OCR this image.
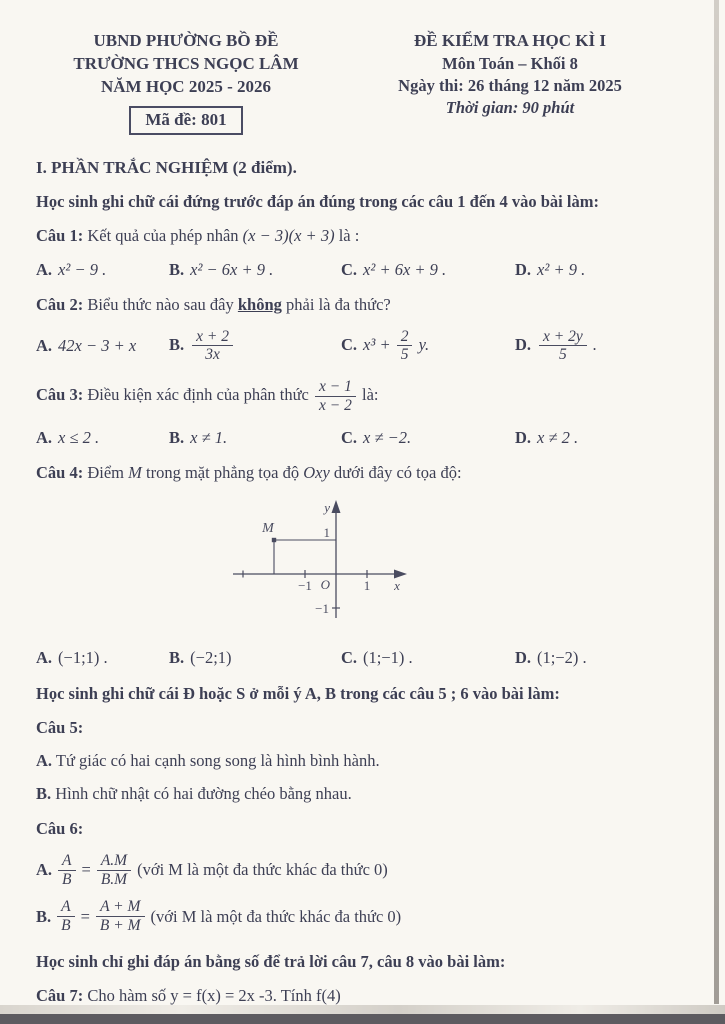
UBND PHƯỜNG BỒ ĐỀ
TRƯỜNG THCS NGỌC LÂM
NĂM HỌC 2025 - 2026
Mã đề: 801
ĐỀ KIỂM TRA HỌC KÌ I
Môn Toán – Khối 8
Ngày thi: 26 tháng 12 năm 2025
Thời gian: 90 phút
I. PHẦN TRẮC NGHIỆM (2 điểm).
Học sinh ghi chữ cái đứng trước đáp án đúng trong các câu 1 đến 4 vào bài làm:
Câu 1: Kết quả của phép nhân (x − 3)(x + 3) là :
A. x² − 9 .	B. x² − 6x + 9 .	C. x² + 6x + 9 .	D. x² + 9 .
Câu 2: Biểu thức nào sau đây không phải là đa thức?
A. 42x − 3 + x	B. $\frac{x + 2}{3x}$	C. $x^3 + \frac{2}{5} y$.	D. $\frac{x + 2y}{5}$ .
Câu 3: Điều kiện xác định của phân thức $\frac{x - 1}{x - 2}$ là:
A. x ≤ 2 .	B. x ≠ 1.	C. x ≠ −2.	D. x ≠ 2 .
Câu 4: Điểm M trong mặt phẳng tọa độ Oxy dưới đây có tọa độ:
M
y
x
O
−1	1
1
−1
A. (−1;1) .	B. (−2;1)	C. (1;−1) .	D. (1;−2) .
Học sinh ghi chữ cái Đ hoặc S ở mỗi ý A, B trong các câu 5 ; 6 vào bài làm:
Câu 5:
A. Tứ giác có hai cạnh song song là hình bình hành.
B. Hình chữ nhật có hai đường chéo bằng nhau.
Câu 6:
A. $\frac{A}{B} = \frac{A.M}{B.M}$ (với M là một đa thức khác đa thức 0)
B. $\frac{A}{B} = \frac{A + M}{B + M}$ (với M là một đa thức khác đa thức 0)
Học sinh chỉ ghi đáp án bằng số để trả lời câu 7, câu 8 vào bài làm:
Câu 7: Cho hàm số y = f(x) = 2x -3. Tính f(4)
